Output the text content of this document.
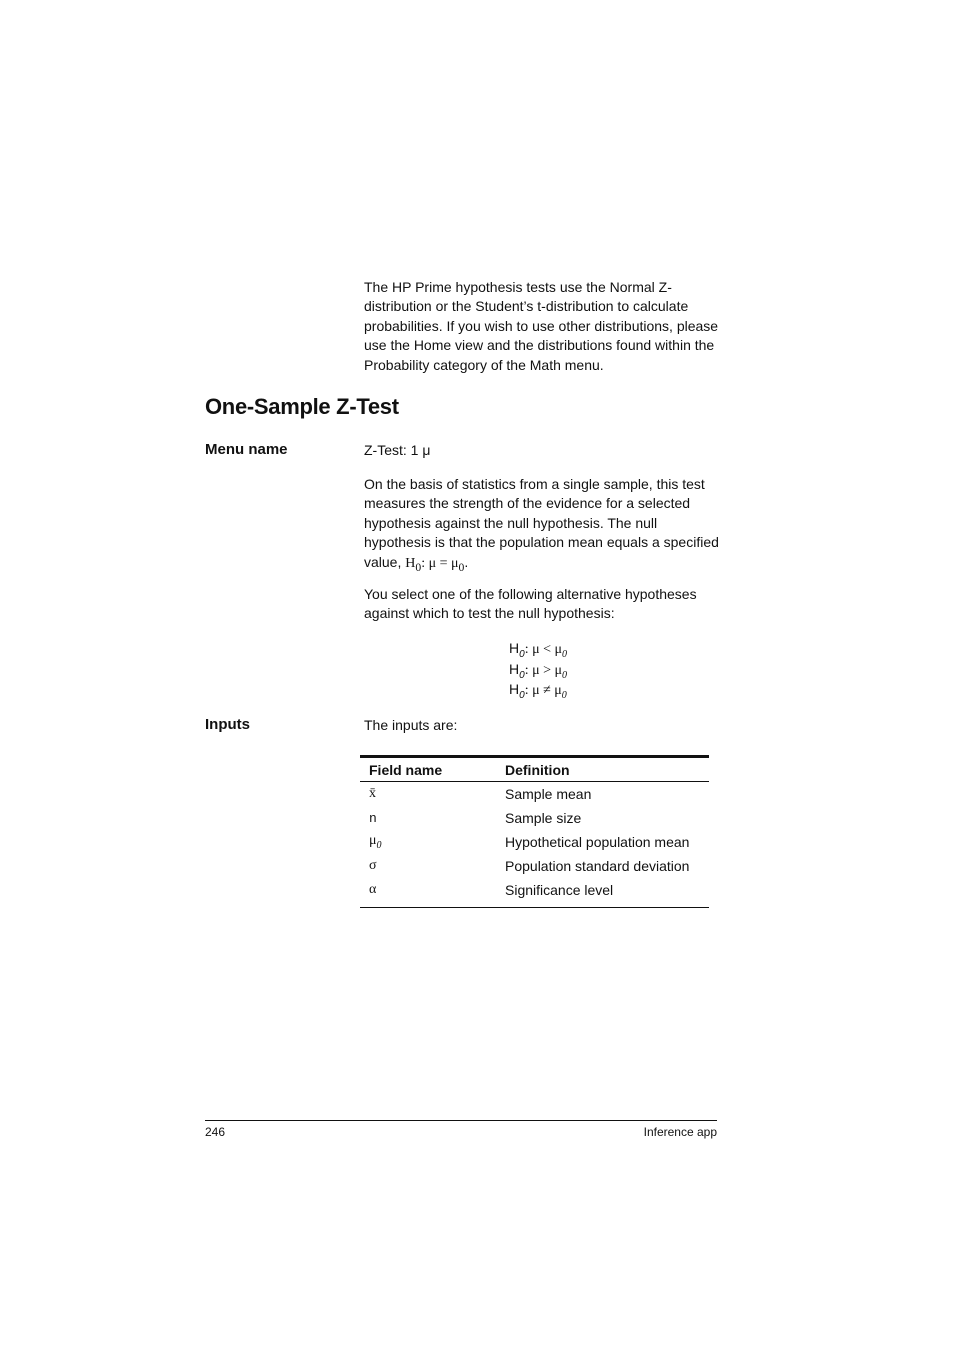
The HP Prime hypothesis tests use the Normal Z-distribution or the Student’s t-distribution to calculate probabilities. If you wish to use other distributions, please use the Home view and the distributions found within the Probability category of the Math menu.

One-Sample Z-Test
Menu name	Z-Test: 1 μ

On the basis of statistics from a single sample, this test measures the strength of the evidence for a selected hypothesis against the null hypothesis. The null hypothesis is that the population mean equals a specified value, $H_0$: $\mu = \mu_0$.

You select one of the following alternative hypotheses against which to test the null hypothesis:

$H_0$: $\mu < \mu_0$
$H_0$: $\mu > \mu_0$
$H_0$: $\mu \ne \mu_0$
Inputs	The inputs are:
Field name	Definition
x̄	Sample mean
n	Sample size
$\mu_0$	Hypothetical population mean
σ	Population standard deviation
α	Significance level
246	Inference app
